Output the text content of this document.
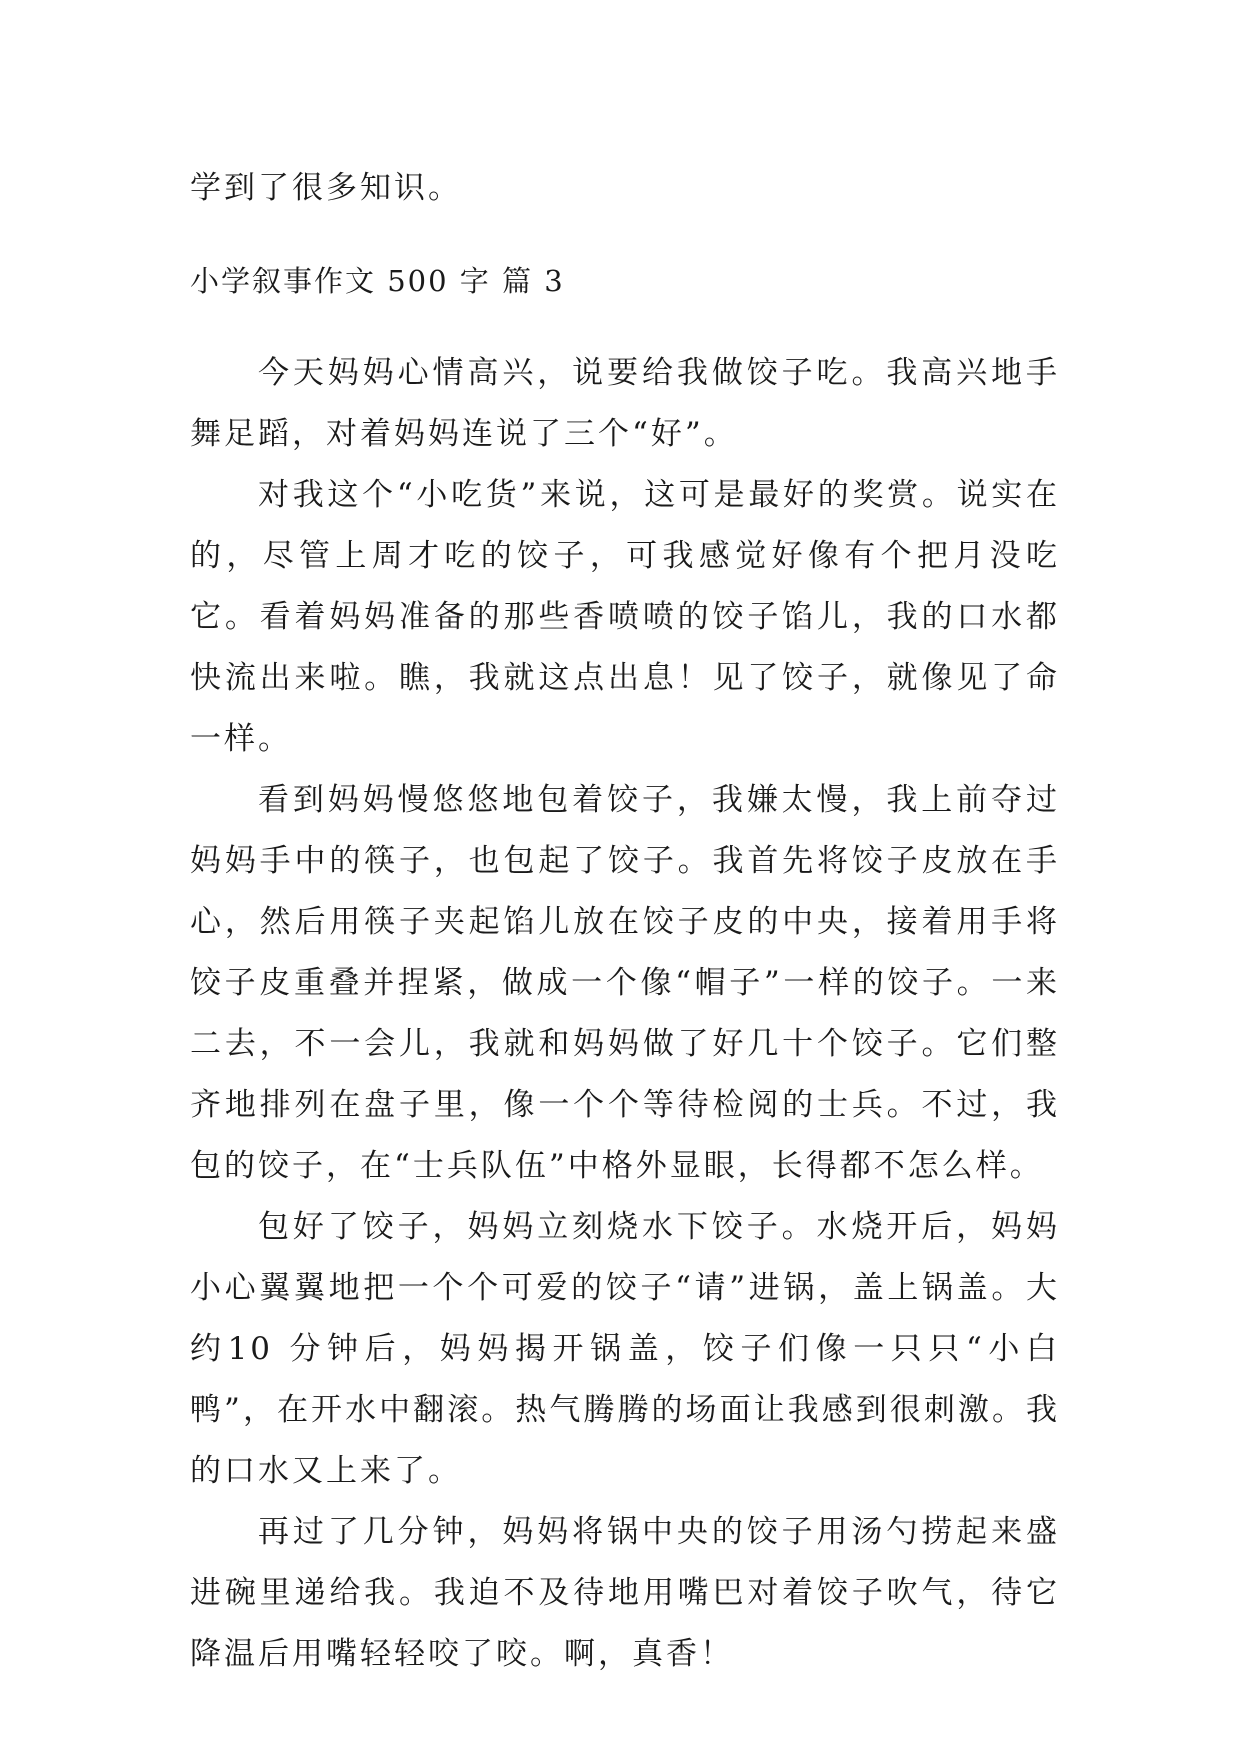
学到了很多知识。
小学叙事作文 500 字 篇 3

今天妈妈心情高兴，说要给我做饺子吃。我高兴地手舞足蹈，对着妈妈连说了三个“好”。

对我这个“小吃货”来说，这可是最好的奖赏。说实在的，尽管上周才吃的饺子，可我感觉好像有个把月没吃它。看着妈妈准备的那些香喷喷的饺子馅儿，我的口水都快流出来啦。瞧，我就这点出息！见了饺子，就像见了命一样。

看到妈妈慢悠悠地包着饺子，我嫌太慢，我上前夺过妈妈手中的筷子，也包起了饺子。我首先将饺子皮放在手心，然后用筷子夹起馅儿放在饺子皮的中央，接着用手将饺子皮重叠并捏紧，做成一个像“帽子”一样的饺子。一来二去，不一会儿，我就和妈妈做了好几十个饺子。它们整齐地排列在盘子里，像一个个等待检阅的士兵。不过，我包的饺子，在“士兵队伍”中格外显眼，长得都不怎么样。

包好了饺子，妈妈立刻烧水下饺子。水烧开后，妈妈小心翼翼地把一个个可爱的饺子“请”进锅，盖上锅盖。大约10 分钟后，妈妈揭开锅盖，饺子们像一只只“小白鸭”，在开水中翻滚。热气腾腾的场面让我感到很刺激。我的口水又上来了。

再过了几分钟，妈妈将锅中央的饺子用汤勺捞起来盛进碗里递给我。我迫不及待地用嘴巴对着饺子吹气，待它降温后用嘴轻轻咬了咬。啊，真香！
